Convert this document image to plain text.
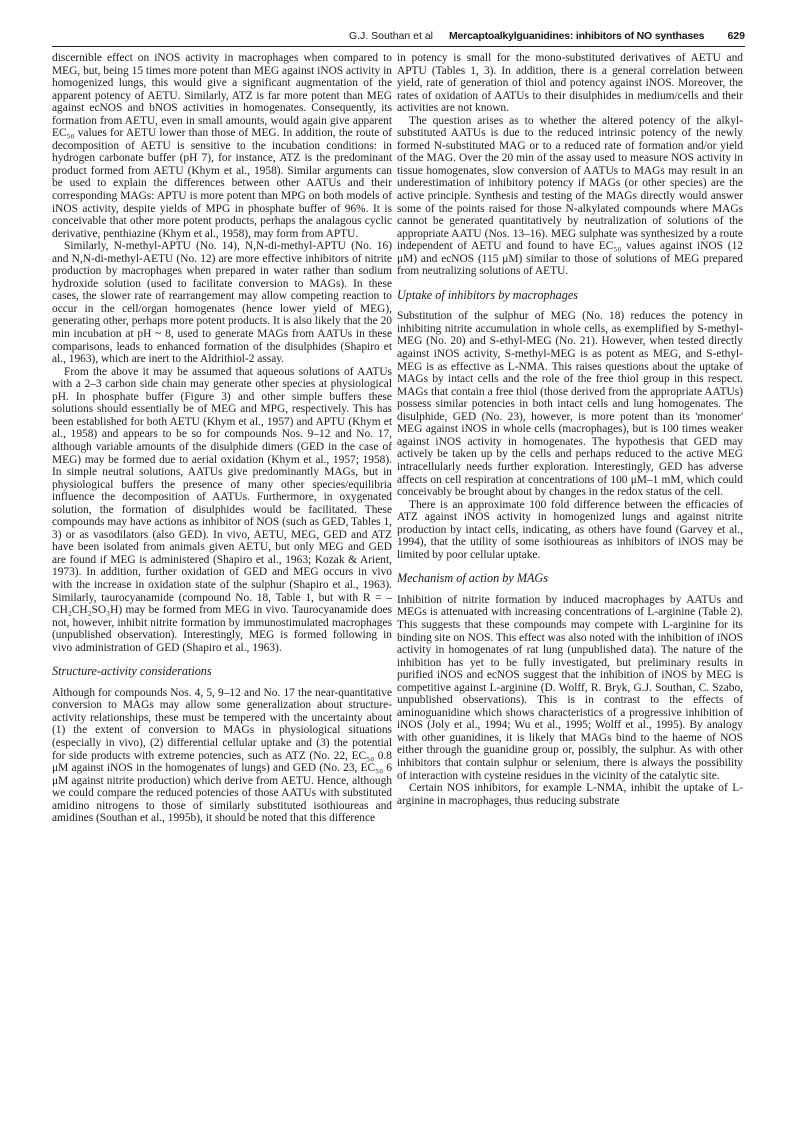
G.J. Southan et al Mercaptoalkylguanidines: inhibitors of NO synthases 629

discernible effect on iNOS activity in macrophages when compared to MEG, but, being 15 times more potent than MEG against iNOS activity in homogenized lungs, this would give a significant augmentation of the apparent potency of AETU. Similarly, ATZ is far more potent than MEG against ecNOS and bNOS activities in homogenates. Consequently, its formation from AETU, even in small amounts, would again give apparent EC₅₀ values for AETU lower than those of MEG. In addition, the route of decomposition of AETU is sensitive to the incubation conditions: in hydrogen carbonate buffer (pH 7), for instance, ATZ is the predominant product formed from AETU (Khym et al., 1958). Similar arguments can be used to explain the differences between other AATUs and their corresponding MAGs: APTU is more potent than MPG on both models of iNOS activity, despite yields of MPG in phosphate buffer of 96%. It is conceivable that other more potent products, perhaps the analagous cyclic derivative, penthiazine (Khym et al., 1958), may form from APTU.

Similarly, N-methyl-APTU (No. 14), N,N-di-methyl-APTU (No. 16) and N,N-di-methyl-AETU (No. 12) are more effective inhibitors of nitrite production by macrophages when prepared in water rather than sodium hydroxide solution (used to facilitate conversion to MAGs). In these cases, the slower rate of rearrangement may allow competing reaction to occur in the cell/organ homogenates (hence lower yield of MEG), generating other, perhaps more potent products. It is also likely that the 20 min incubation at pH ~ 8, used to generate MAGs from AATUs in these comparisons, leads to enhanced formation of the disulphides (Shapiro et al., 1963), which are inert to the Aldrithiol-2 assay.

From the above it may be assumed that aqueous solutions of AATUs with a 2–3 carbon side chain may generate other species at physiological pH. In phosphate buffer (Figure 3) and other simple buffers these solutions should essentially be of MEG and MPG, respectively. This has been established for both AETU (Khym et al., 1957) and APTU (Khym et al., 1958) and appears to be so for compounds Nos. 9–12 and No. 17, although variable amounts of the disulphide dimers (GED in the case of MEG) may be formed due to aerial oxidation (Khym et al., 1957; 1958). In simple neutral solutions, AATUs give predominantly MAGs, but in physiological buffers the presence of many other species/equilibria influence the decomposition of AATUs. Furthermore, in oxygenated solution, the formation of disulphides would be facilitated. These compounds may have actions as inhibitor of NOS (such as GED, Tables 1, 3) or as vasodilators (also GED). In vivo, AETU, MEG, GED and ATZ have been isolated from animals given AETU, but only MEG and GED are found if MEG is administered (Shapiro et al., 1963; Kozak & Arient, 1973). In addition, further oxidation of GED and MEG occurs in vivo with the increase in oxidation state of the sulphur (Shapiro et al., 1963). Similarly, taurocyanamide (compound No. 18, Table 1, but with R = –CH₂CH₂SO₃H) may be formed from MEG in vivo. Taurocyanamide does not, however, inhibit nitrite formation by immunostimulated macrophages (unpublished observation). Interestingly, MEG is formed following in vivo administration of GED (Shapiro et al., 1963).

Structure-activity considerations

Although for compounds Nos. 4, 5, 9–12 and No. 17 the near-quantitative conversion to MAGs may allow some generalization about structure-activity relationships, these must be tempered with the uncertainty about (1) the extent of conversion to MAGs in physiological situations (especially in vivo), (2) differential cellular uptake and (3) the potential for side products with extreme potencies, such as ATZ (No. 22, EC₅₀ 0.8 μM against iNOS in the homogenates of lungs) and GED (No. 23, EC₅₀ 6 μM against nitrite production) which derive from AETU. Hence, although we could compare the reduced potencies of those AATUs with substituted amidino nitrogens to those of similarly substituted isothioureas and amidines (Southan et al., 1995b), it should be noted that this difference

in potency is small for the mono-substituted derivatives of AETU and APTU (Tables 1, 3). In addition, there is a general correlation between yield, rate of generation of thiol and potency against iNOS. Moreover, the rates of oxidation of AATUs to their disulphides in medium/cells and their activities are not known.

The question arises as to whether the altered potency of the alkyl-substituted AATUs is due to the reduced intrinsic potency of the newly formed N-substituted MAG or to a reduced rate of formation and/or yield of the MAG. Over the 20 min of the assay used to measure NOS activity in tissue homogenates, slow conversion of AATUs to MAGs may result in an underestimation of inhibitory potency if MAGs (or other species) are the active principle. Synthesis and testing of the MAGs directly would answer some of the points raised for those N-alkylated compounds where MAGs cannot be generated quantitatively by neutralization of solutions of the appropriate AATU (Nos. 13–16). MEG sulphate was synthesized by a route independent of AETU and found to have EC₅₀ values against iNOS (12 μM) and ecNOS (115 μM) similar to those of solutions of MEG prepared from neutralizing solutions of AETU.

Uptake of inhibitors by macrophages

Substitution of the sulphur of MEG (No. 18) reduces the potency in inhibiting nitrite accumulation in whole cells, as exemplified by S-methyl-MEG (No. 20) and S-ethyl-MEG (No. 21). However, when tested directly against iNOS activity, S-methyl-MEG is as potent as MEG, and S-ethyl-MEG is as effective as L-NMA. This raises questions about the uptake of MAGs by intact cells and the role of the free thiol group in this respect. MAGs that contain a free thiol (those derived from the appropriate AATUs) possess similar potencies in both intact cells and lung homogenates. The disulphide, GED (No. 23), however, is more potent than its 'monomer' MEG against iNOS in whole cells (macrophages), but is 100 times weaker against iNOS activity in homogenates. The hypothesis that GED may actively be taken up by the cells and perhaps reduced to the active MEG intracellularly needs further exploration. Interestingly, GED has adverse affects on cell respiration at concentrations of 100 μM–1 mM, which could conceivably be brought about by changes in the redox status of the cell.

There is an approximate 100 fold difference between the efficacies of ATZ against iNOS activity in homogenized lungs and against nitrite production by intact cells, indicating, as others have found (Garvey et al., 1994), that the utility of some isothioureas as inhibitors of iNOS may be limited by poor cellular uptake.

Mechanism of action by MAGs

Inhibition of nitrite formation by induced macrophages by AATUs and MEGs is attenuated with increasing concentrations of L-arginine (Table 2). This suggests that these compounds may compete with L-arginine for its binding site on NOS. This effect was also noted with the inhibition of iNOS activity in homogenates of rat lung (unpublished data). The nature of the inhibition has yet to be fully investigated, but preliminary results in purified iNOS and ecNOS suggest that the inhibition of iNOS by MEG is competitive against L-arginine (D. Wolff, R. Bryk, G.J. Southan, C. Szabo, unpublished observations). This is in contrast to the effects of aminoguanidine which shows characteristics of a progressive inhibition of iNOS (Joly et al., 1994; Wu et al., 1995; Wolff et al., 1995). By analogy with other guanidines, it is likely that MAGs bind to the haeme of NOS either through the guanidine group or, possibly, the sulphur. As with other inhibitors that contain sulphur or selenium, there is always the possibility of interaction with cysteine residues in the vicinity of the catalytic site.

Certain NOS inhibitors, for example L-NMA, inhibit the uptake of L-arginine in macrophages, thus reducing substrate
